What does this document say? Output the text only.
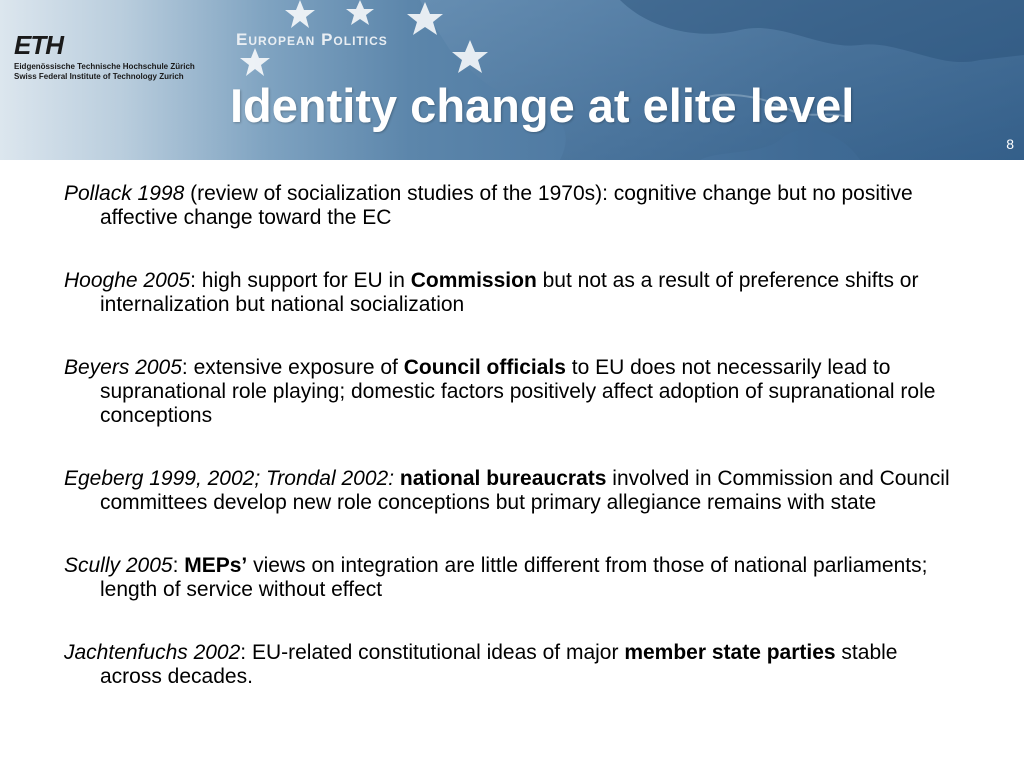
ETH
Eidgenössische Technische Hochschule Zürich
Swiss Federal Institute of Technology Zurich
European Politics
Identity change at elite level
8

Pollack 1998 (review of socialization studies of the 1970s): cognitive change but no positive affective change toward the EC

Hooghe 2005: high support for EU in Commission but not as a result of preference shifts or internalization but national socialization

Beyers 2005: extensive exposure of Council officials to EU does not necessarily lead to supranational role playing; domestic factors positively affect adoption of supranational role conceptions

Egeberg 1999, 2002; Trondal 2002: national bureaucrats involved in Commission and Council committees develop new role conceptions but primary allegiance remains with state

Scully 2005: MEPs’ views on integration are little different from those of national parliaments; length of service without effect

Jachtenfuchs 2002: EU-related constitutional ideas of major member state parties stable across decades.
